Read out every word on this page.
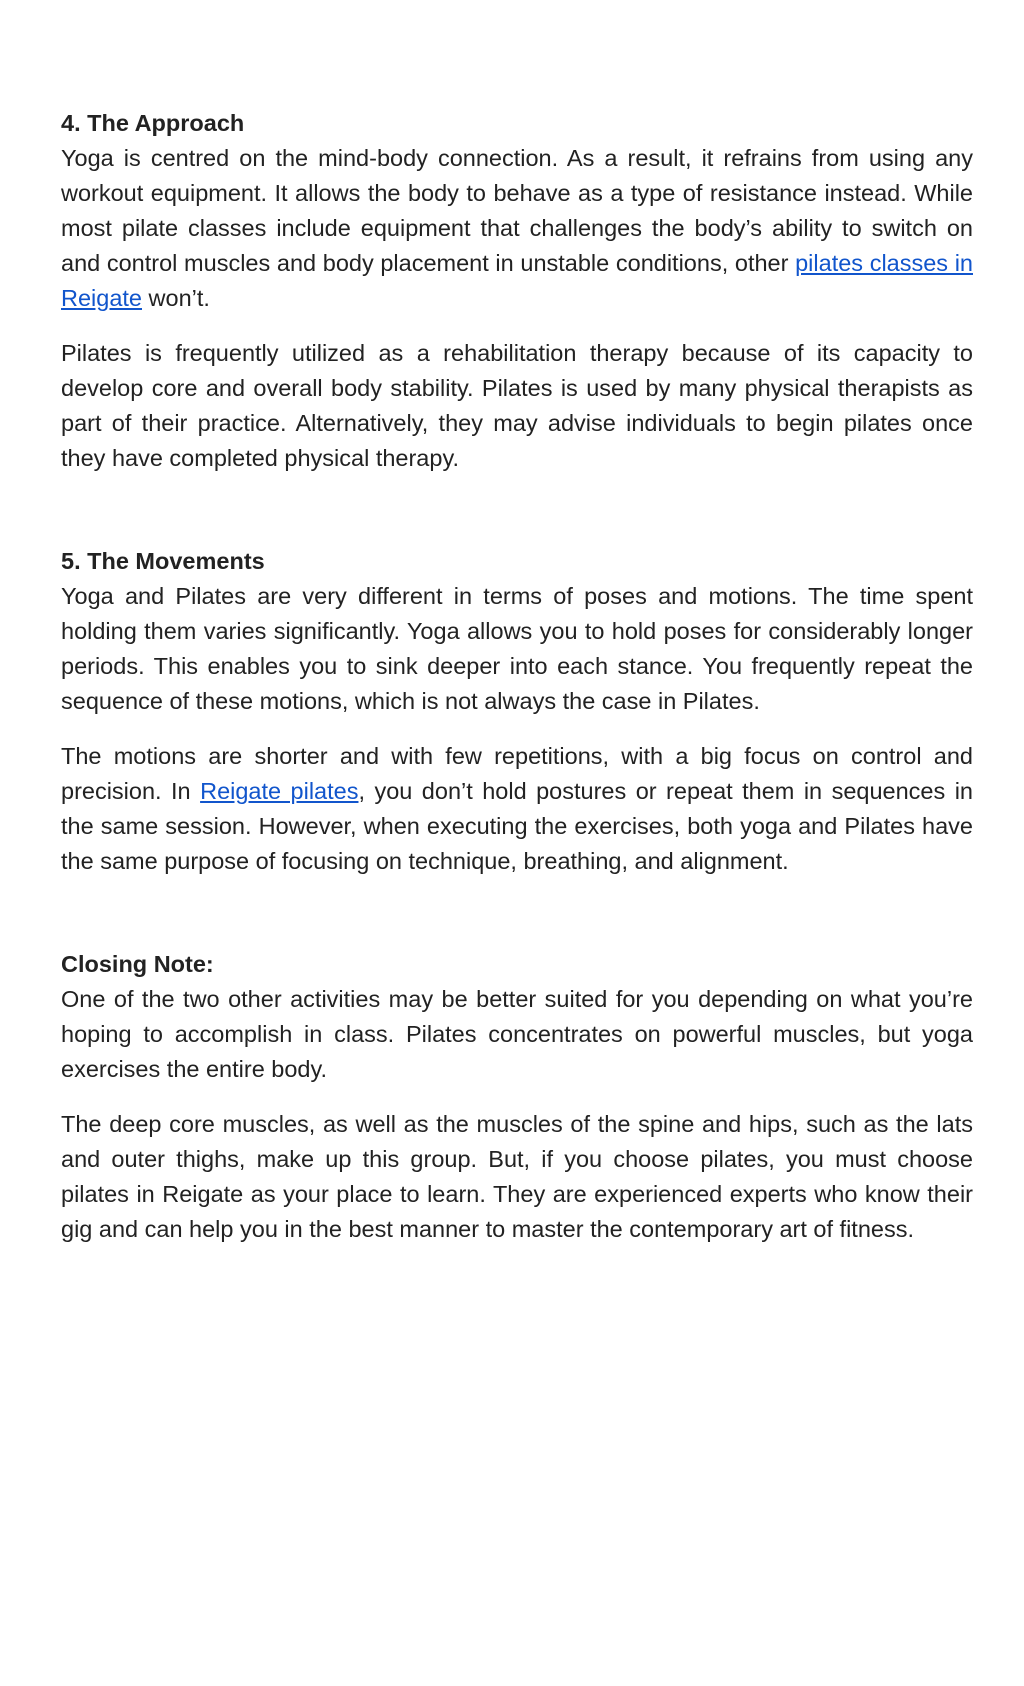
4. The Approach

Yoga is centred on the mind-body connection. As a result, it refrains from using any workout equipment. It allows the body to behave as a type of resistance instead. While most pilate classes include equipment that challenges the body’s ability to switch on and control muscles and body placement in unstable conditions, other pilates classes in Reigate won’t.

Pilates is frequently utilized as a rehabilitation therapy because of its capacity to develop core and overall body stability. Pilates is used by many physical therapists as part of their practice. Alternatively, they may advise individuals to begin pilates once they have completed physical therapy.

5. The Movements

Yoga and Pilates are very different in terms of poses and motions. The time spent holding them varies significantly. Yoga allows you to hold poses for considerably longer periods. This enables you to sink deeper into each stance. You frequently repeat the sequence of these motions, which is not always the case in Pilates.

The motions are shorter and with few repetitions, with a big focus on control and precision. In Reigate pilates, you don’t hold postures or repeat them in sequences in the same session. However, when executing the exercises, both yoga and Pilates have the same purpose of focusing on technique, breathing, and alignment.

Closing Note:

One of the two other activities may be better suited for you depending on what you’re hoping to accomplish in class. Pilates concentrates on powerful muscles, but yoga exercises the entire body.

The deep core muscles, as well as the muscles of the spine and hips, such as the lats and outer thighs, make up this group. But, if you choose pilates, you must choose pilates in Reigate as your place to learn. They are experienced experts who know their gig and can help you in the best manner to master the contemporary art of fitness.
